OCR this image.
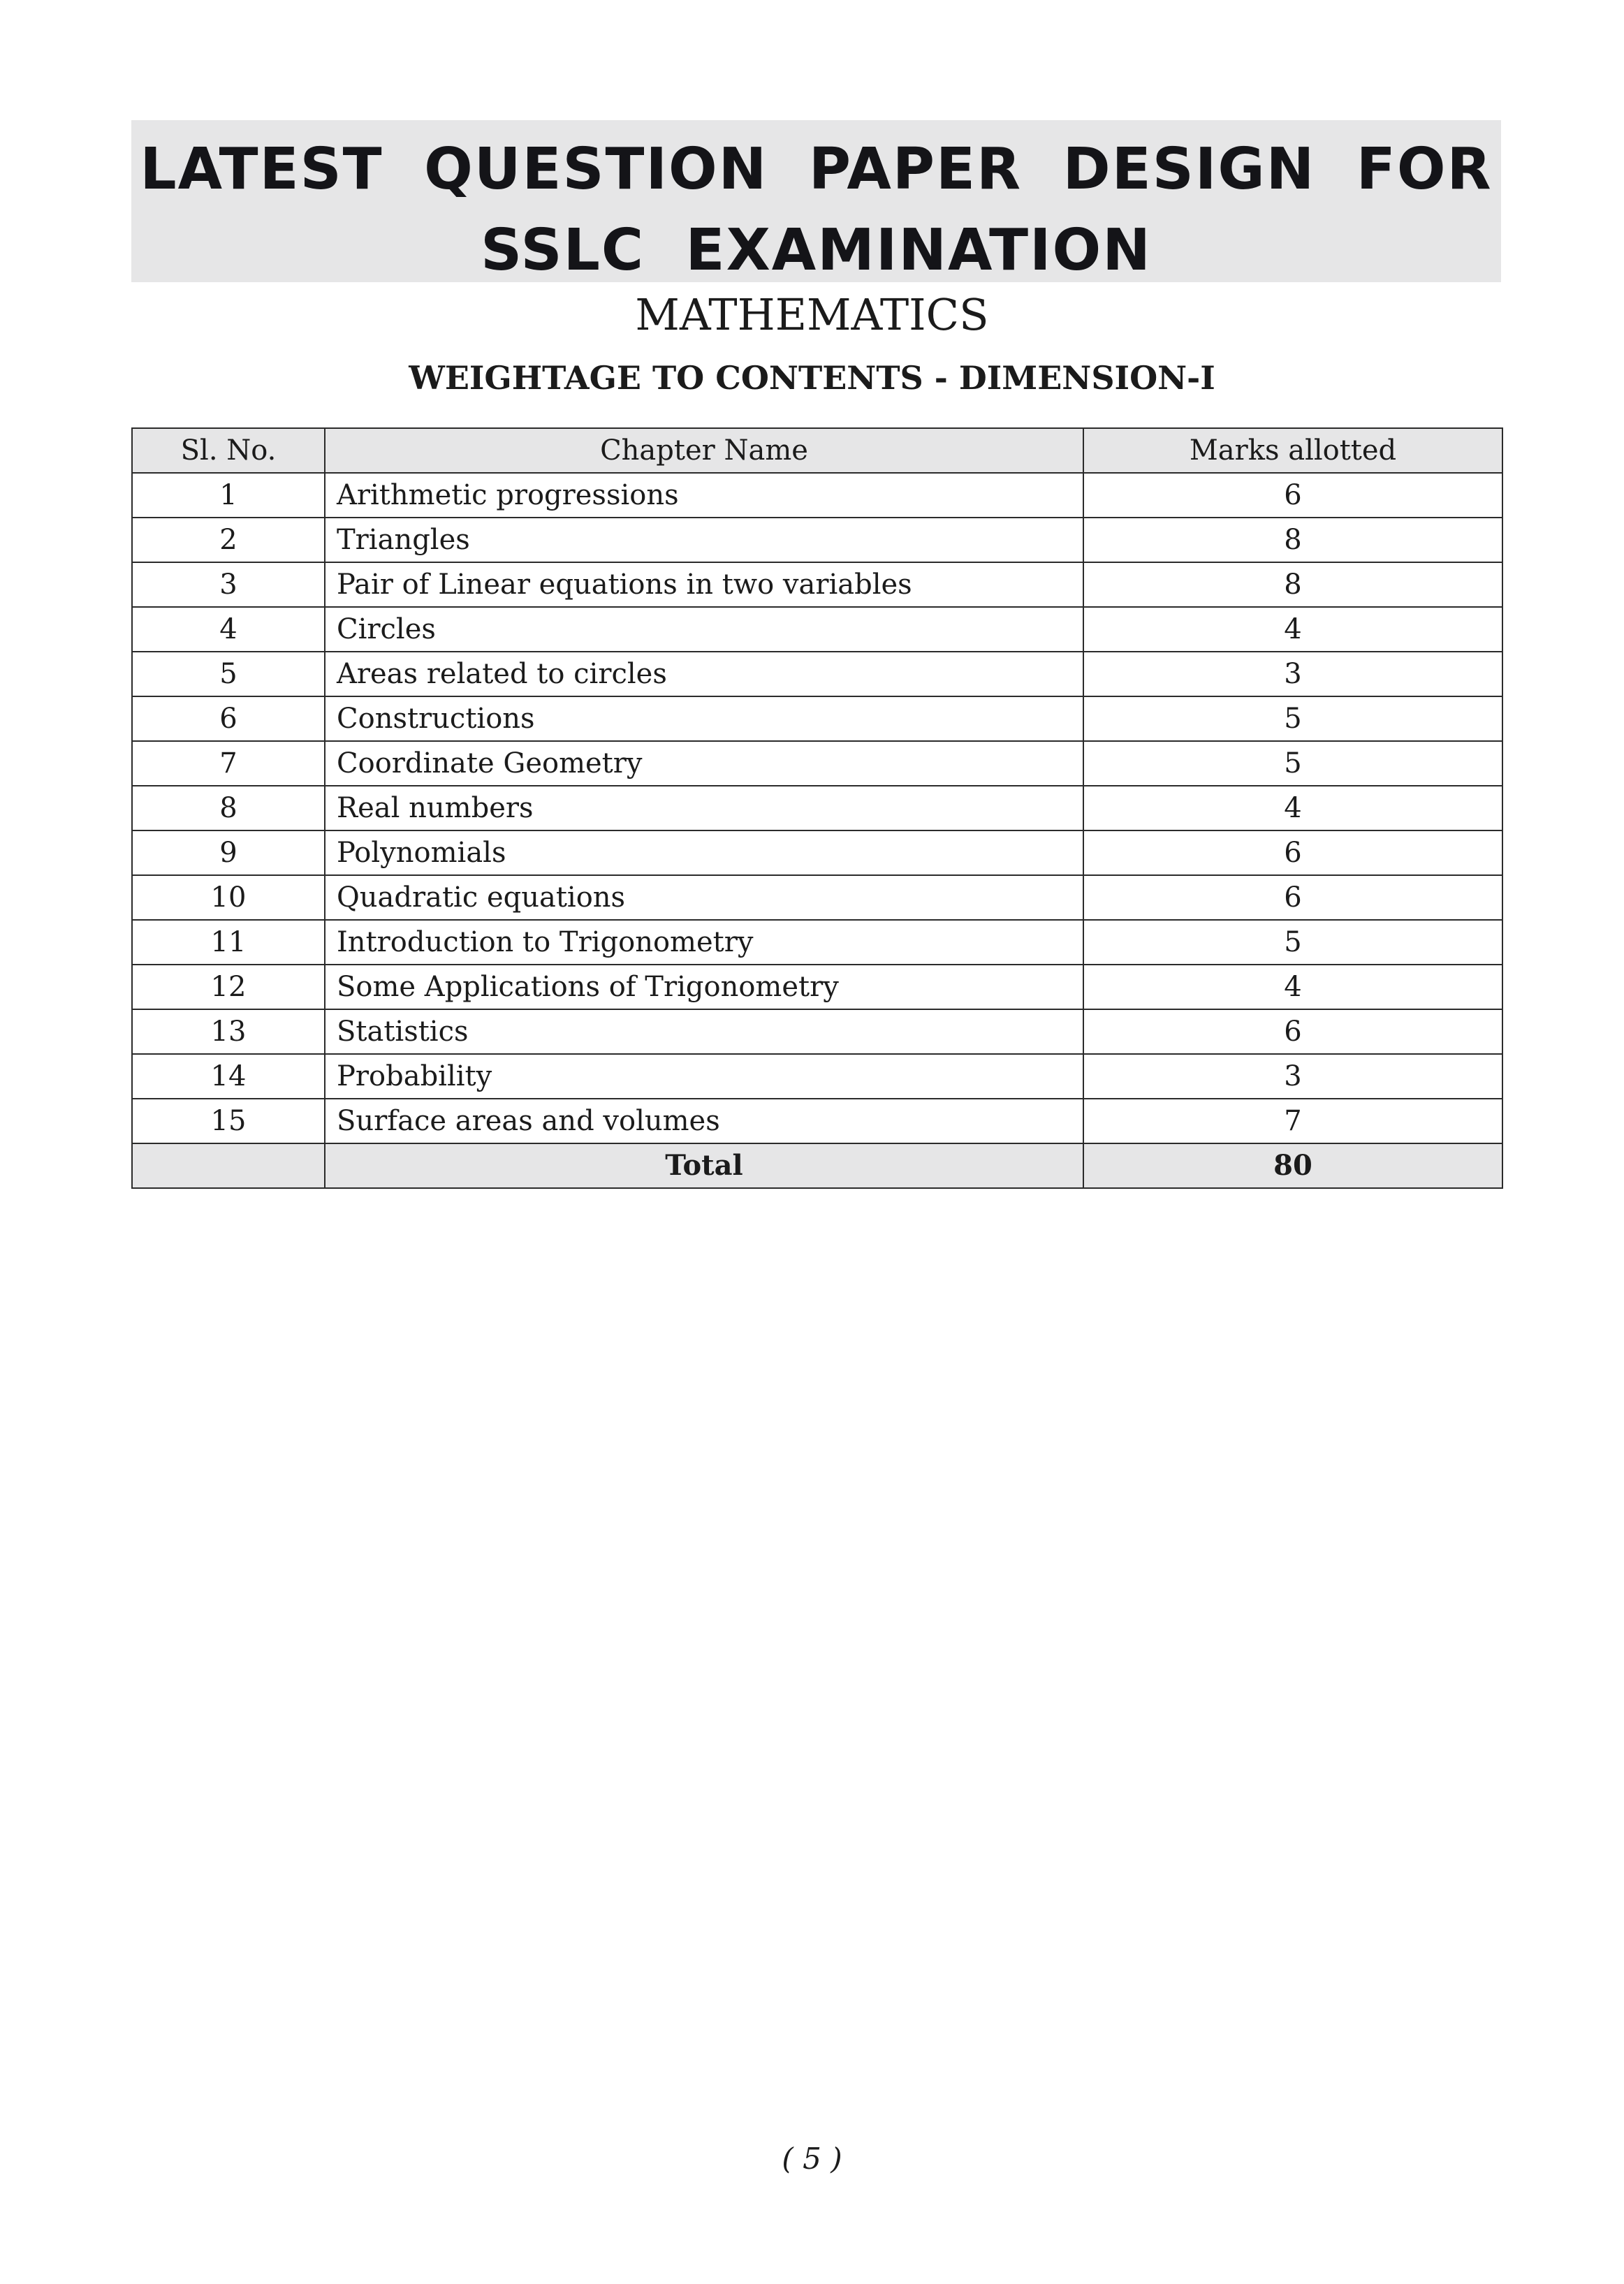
LATEST QUESTION PAPER DESIGN FOR
SSLC EXAMINATION
MATHEMATICS
WEIGHTAGE TO CONTENTS - DIMENSION-I
Sl. No.	Chapter Name	Marks allotted
1	Arithmetic progressions	6
2	Triangles	8
3	Pair of Linear equations in two variables	8
4	Circles	4
5	Areas related to circles	3
6	Constructions	5
7	Coordinate Geometry	5
8	Real numbers	4
9	Polynomials	6
10	Quadratic equations	6
11	Introduction to Trigonometry	5
12	Some Applications of Trigonometry	4
13	Statistics	6
14	Probability	3
15	Surface areas and volumes	7
	Total	80
( 5 )
